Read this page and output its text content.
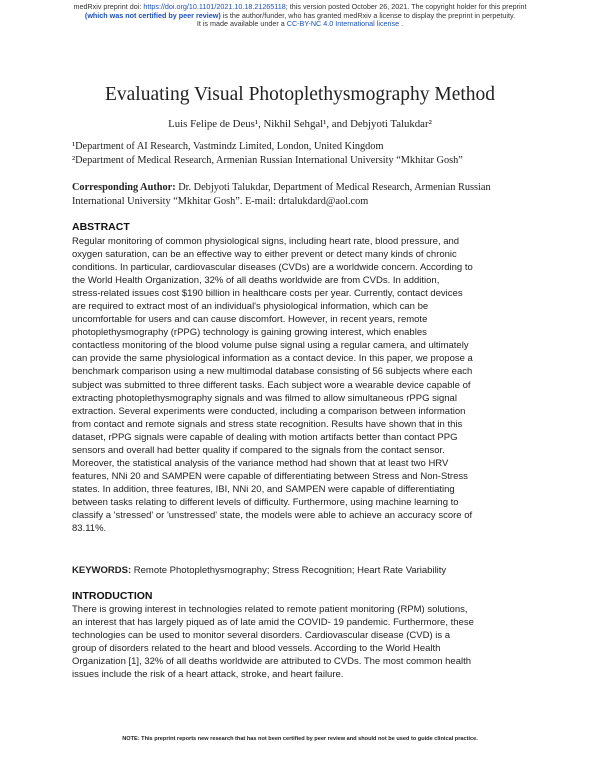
medRxiv preprint doi: https://doi.org/10.1101/2021.10.18.21265118; this version posted October 26, 2021. The copyright holder for this preprint
(which was not certified by peer review) is the author/funder, who has granted medRxiv a license to display the preprint in perpetuity.
It is made available under a CC-BY-NC 4.0 International license .
Evaluating Visual Photoplethysmography Method
Luis Felipe de Deus¹, Nikhil Sehgal¹, and Debjyoti Talukdar²
¹Department of AI Research, Vastmindz Limited, London, United Kingdom
²Department of Medical Research, Armenian Russian International University “Mkhitar Gosh”
Corresponding Author: Dr. Debjyoti Talukdar, Department of Medical Research, Armenian Russian International University “Mkhitar Gosh”. E-mail: drtalukdard@aol.com
ABSTRACT
Regular monitoring of common physiological signs, including heart rate, blood pressure, and
oxygen saturation, can be an effective way to either prevent or detect many kinds of chronic
conditions. In particular, cardiovascular diseases (CVDs) are a worldwide concern. According to
the World Health Organization, 32% of all deaths worldwide are from CVDs. In addition,
stress-related issues cost $190 billion in healthcare costs per year. Currently, contact devices
are required to extract most of an individual's physiological information, which can be
uncomfortable for users and can cause discomfort. However, in recent years, remote
photoplethysmography (rPPG) technology is gaining growing interest, which enables
contactless monitoring of the blood volume pulse signal using a regular camera, and ultimately
can provide the same physiological information as a contact device. In this paper, we propose a
benchmark comparison using a new multimodal database consisting of 56 subjects where each
subject was submitted to three different tasks. Each subject wore a wearable device capable of
extracting photoplethysmography signals and was filmed to allow simultaneous rPPG signal
extraction. Several experiments were conducted, including a comparison between information
from contact and remote signals and stress state recognition. Results have shown that in this
dataset, rPPG signals were capable of dealing with motion artifacts better than contact PPG
sensors and overall had better quality if compared to the signals from the contact sensor.
Moreover, the statistical analysis of the variance method had shown that at least two HRV
features, NNi 20 and SAMPEN were capable of differentiating between Stress and Non-Stress
states. In addition, three features, IBI, NNi 20, and SAMPEN were capable of differentiating
between tasks relating to different levels of difficulty. Furthermore, using machine learning to
classify a 'stressed' or 'unstressed' state, the models were able to achieve an accuracy score of
83.11%.
KEYWORDS: Remote Photoplethysmography; Stress Recognition; Heart Rate Variability
INTRODUCTION
There is growing interest in technologies related to remote patient monitoring (RPM) solutions,
an interest that has largely piqued as of late amid the COVID- 19 pandemic. Furthermore, these
technologies can be used to monitor several disorders. Cardiovascular disease (CVD) is a
group of disorders related to the heart and blood vessels. According to the World Health
Organization [1], 32% of all deaths worldwide are attributed to CVDs. The most common health
issues include the risk of a heart attack, stroke, and heart failure.
NOTE: This preprint reports new research that has not been certified by peer review and should not be used to guide clinical practice.
